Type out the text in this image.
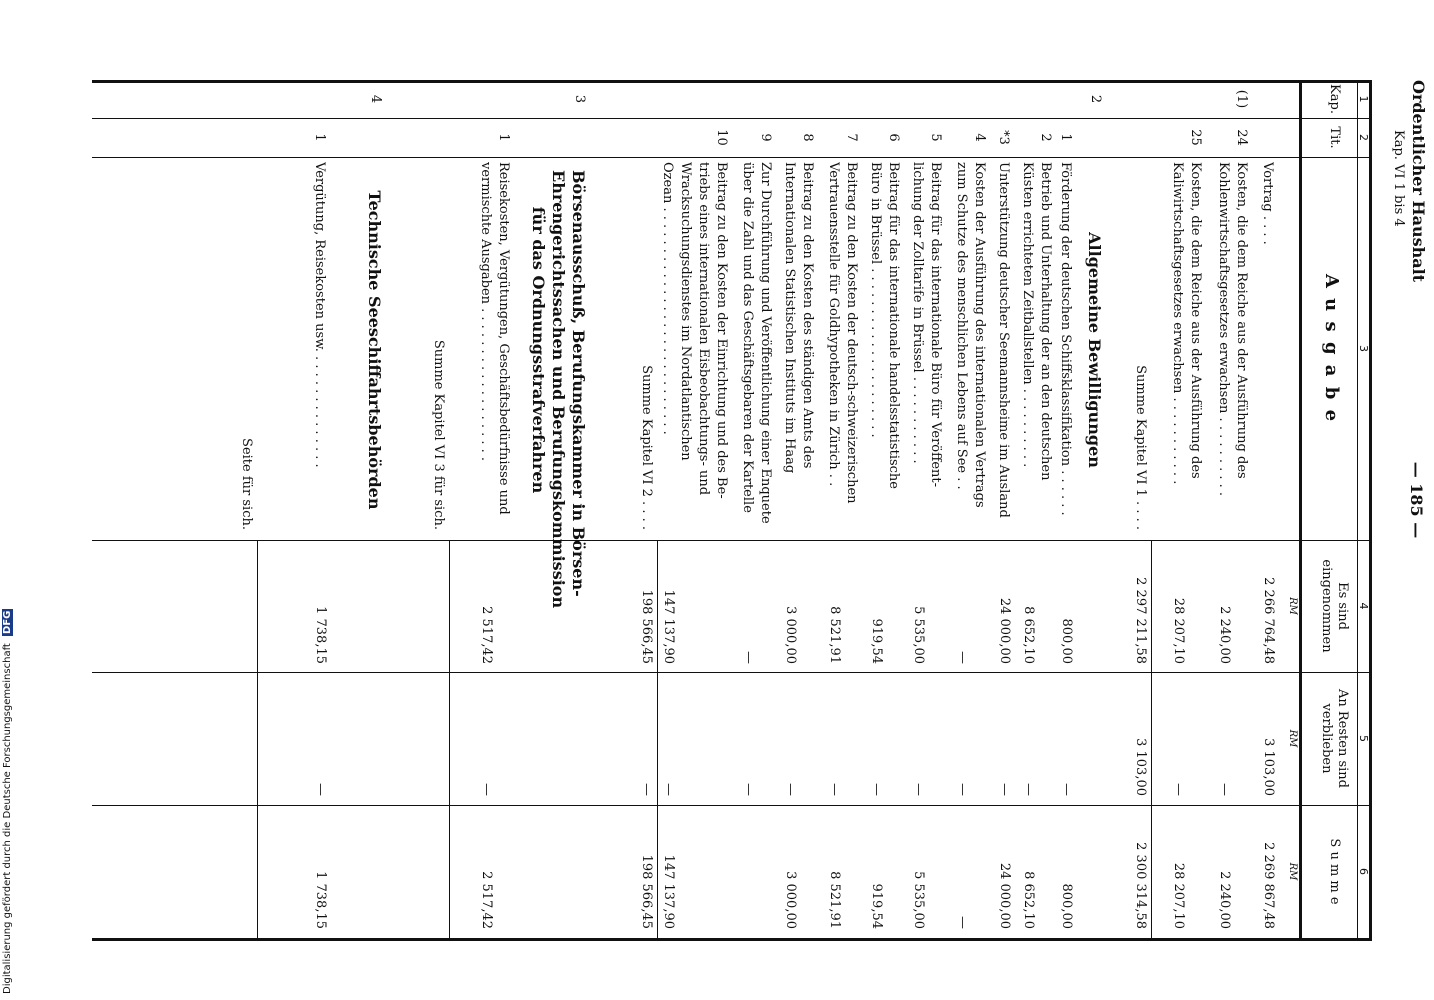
Ordentlicher Haushalt
Kap. VI 1 bis 4
— 185 —
1
2
3
4
5
6
Kap.
Tit.
A u s g a b e
Es sind eingenommen
An Resten sind verblieben
S u m m e
RM
RM
RM
Vortrag . . . .
2 266 764,48
3 103,00
2 269 867,48
(1)
24
Kosten, die dem Reiche aus der Ausführung des
Kohlenwirtschaftsgesetzes erwachsen . . . . . . . . . .
2 240,00
—
2 240,00
25
Kosten, die dem Reiche aus der Ausführung des
Kaliwirtschaftsgesetzes erwachsen . . . . . . . . . . .
28 207,10
—
28 207,10
Summe Kapitel VI 1 . . . .
2 297 211,58
3 103,00
2 300 314,58
2
Allgemeine Bewilligungen
1
Förderung der deutschen Schiffsklassifikation . . . . . .
800,00
—
800,00
2
Betrieb und Unterhaltung der an den deutschen
Küsten errichteten Zeitballstellen . . . . . . . . . .
8 652,10
—
8 652,10
*3
Unterstützung deutscher Seemannsheime im Ausland
24 000,00
—
24 000,00
4
Kosten der Ausführung des internationalen Vertrags
zum Schutze des menschlichen Lebens auf See . .
—
—
—
5
Beitrag für das internationale Büro für Veröffent-
lichung der Zolltarife in Brüssel . . . . . . . . . . .
5 535,00
—
5 535,00
6
Beitrag für das internationale handelsstatistische
Büro in Brüssel . . . . . . . . . . . . . . . . . . . . .
919,54
—
919,54
7
Beitrag zu den Kosten der deutsch-schweizerischen
Vertrauensstelle für Goldhypotheken in Zürich . .
8 521,91
—
8 521,91
8
Beitrag zu den Kosten des ständigen Amts des
Internationalen Statistischen Instituts im Haag
3 000,00
—
3 000,00
9
Zur Durchführung und Veröffentlichung einer Enquete
über die Zahl und das Geschäftsgebaren der Kartelle
—
—
10
Beitrag zu den Kosten der Einrichtung und des Be-
triebs eines internationalen Eisbeobachtungs- und
Wracksuchungsdienstes im Nordatlantischen
Ozean . . . . . . . . . . . . . . . . . . . . . . . . . . . .
147 137,90
—
147 137,90
Summe Kapitel VI 2 . . . .
198 566,45
—
198 566,45
3
Börsenausschuß, Berufungskammer in Börsen-
Ehrengerichtssachen und Berufungskommission
für das Ordnungsstrafverfahren
1
Reisekosten, Vergütungen, Geschäftsbedürfnisse und
vermischte Ausgaben . . . . . . . . . . . . . . . . . . .
2 517,42
—
2 517,42
Summe Kapitel VI 3 für sich.
4
Technische Seeschiffahrtsbehörden
1
Vergütung, Reisekosten usw. . . . . . . . . . . . . . .
1 738,15
—
1 738,15
Seite für sich.
Digitalisierung gefördert durch die Deutsche Forschungsgemeinschaft DFG
